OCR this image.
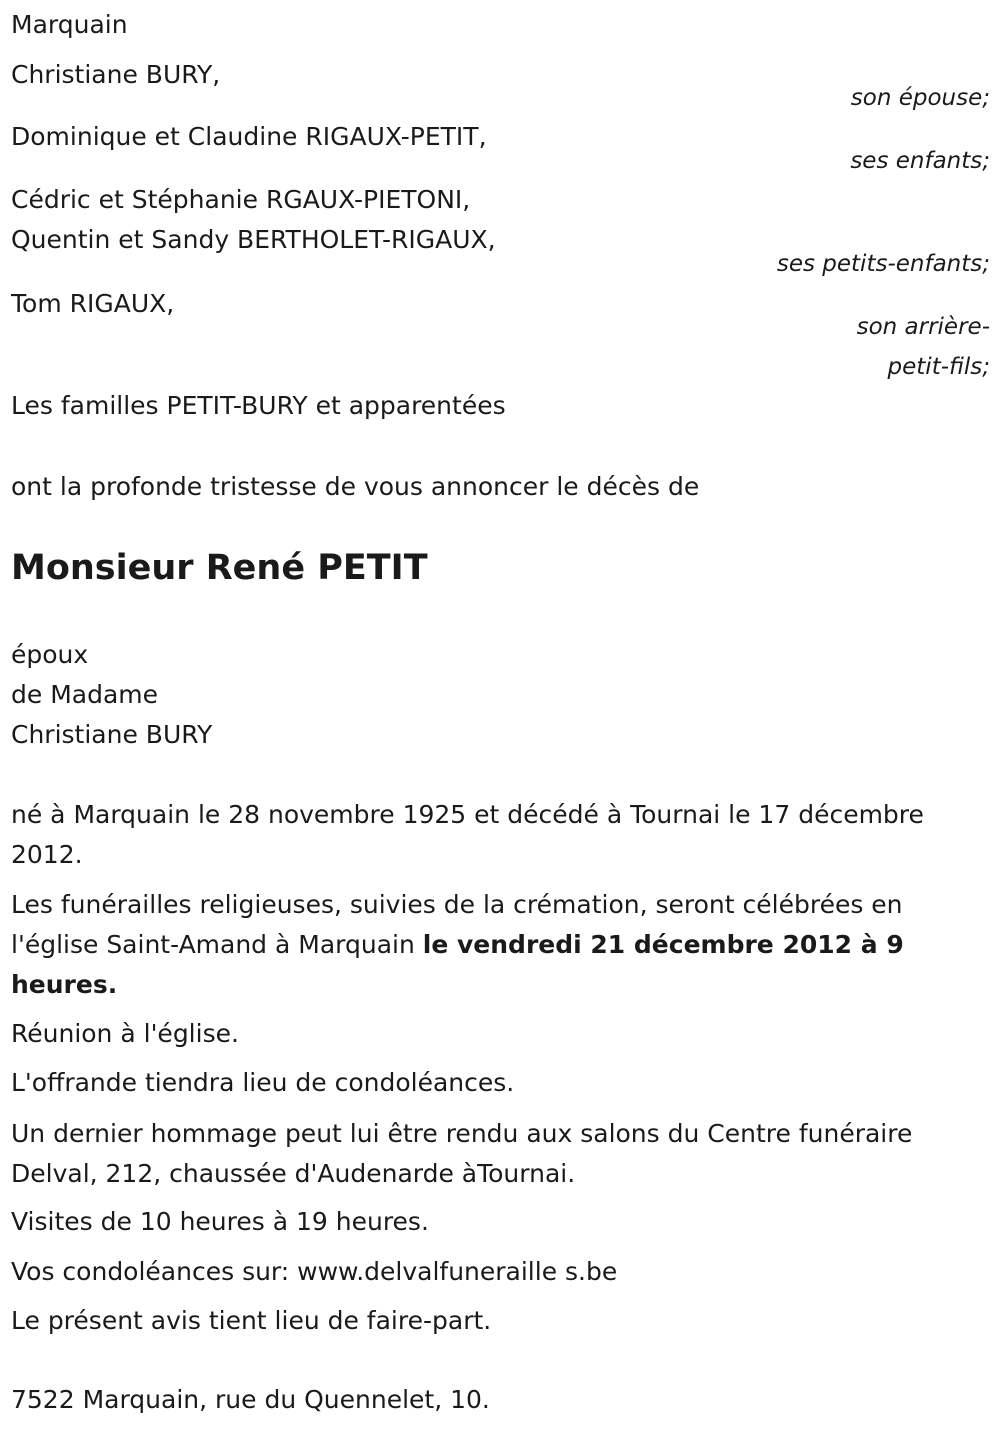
Marquain

Christiane BURY,

son épouse;

Dominique et Claudine RIGAUX-PETIT,

ses enfants;

Cédric et Stéphanie RGAUX-PIETONI,

Quentin et Sandy BERTHOLET-RIGAUX,

ses petits-enfants;

Tom RIGAUX,

son arrière-

petit-fils;

Les familles PETIT-BURY et apparentées

ont la profonde tristesse de vous annoncer le décès de

Monsieur René PETIT

époux

de Madame

Christiane BURY

né à Marquain le 28 novembre 1925 et décédé à Tournai le 17 décembre 2012.

Les funérailles religieuses, suivies de la crémation, seront célébrées en l'église Saint-Amand à Marquain le vendredi 21 décembre 2012 à 9 heures.

Réunion à l'église.

L'offrande tiendra lieu de condoléances.

Un dernier hommage peut lui être rendu aux salons du Centre funéraire Delval, 212, chaussée d'Audenarde àTournai.

Visites de 10 heures à 19 heures.

Vos condoléances sur: www.delvalfuneraille s.be

Le présent avis tient lieu de faire-part.

7522 Marquain, rue du Quennelet, 10.
